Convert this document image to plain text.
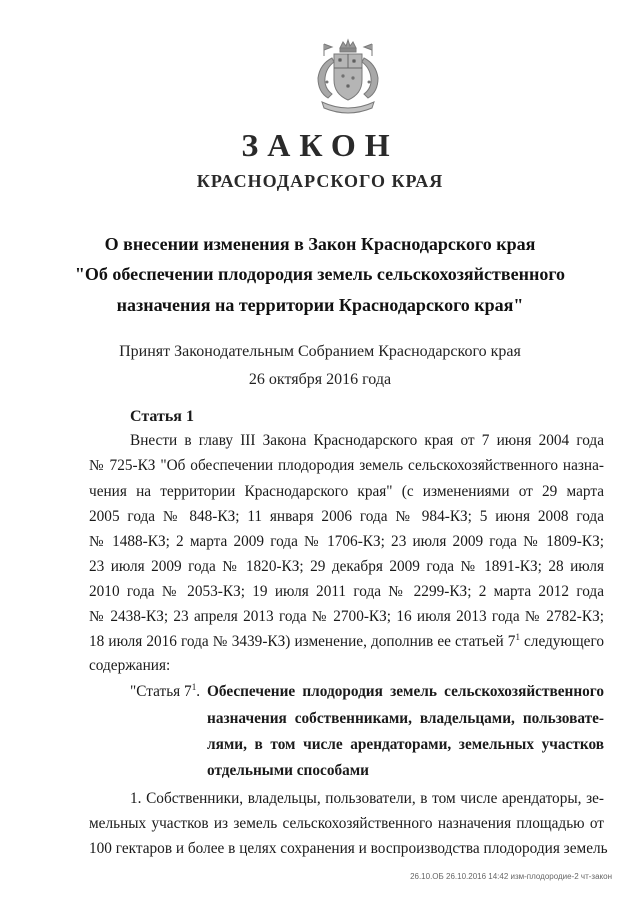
ЗАКОН
КРАСНОДАРСКОГО КРАЯ
О внесении изменения в Закон Краснодарского края
"Об обеспечении плодородия земель сельскохозяйственного
назначения на территории Краснодарского края"
Принят Законодательным Собранием Краснодарского края
26 октября 2016 года
Статья 1
Внести в главу III Закона Краснодарского края от 7 июня 2004 года
№ 725-КЗ "Об обеспечении плодородия земель сельскохозяйственного назна-
чения на территории Краснодарского края" (с изменениями от 29 марта
2005 года № 848-КЗ; 11 января 2006 года № 984-КЗ; 5 июня 2008 года
№ 1488-КЗ; 2 марта 2009 года № 1706-КЗ; 23 июля 2009 года № 1809-КЗ;
23 июля 2009 года № 1820-КЗ; 29 декабря 2009 года № 1891-КЗ; 28 июля
2010 года № 2053-КЗ; 19 июля 2011 года № 2299-КЗ; 2 марта 2012 года
№ 2438-КЗ; 23 апреля 2013 года № 2700-КЗ; 16 июля 2013 года № 2782-КЗ;
18 июля 2016 года № 3439-КЗ) изменение, дополнив ее статьей $7^1$ следующего
содержания:
"Статья $7^1$. Обеспечение плодородия земель сельскохозяйственного
назначения собственниками, владельцами, пользовате-
лями, в том числе арендаторами, земельных участков
отдельными способами
1. Собственники, владельцы, пользователи, в том числе арендаторы, зе-
мельных участков из земель сельскохозяйственного назначения площадью от
100 гектаров и более в целях сохранения и воспроизводства плодородия земель
26.10.ОБ 26.10.2016 14:42 изм-плодородие-2 чт-закон
